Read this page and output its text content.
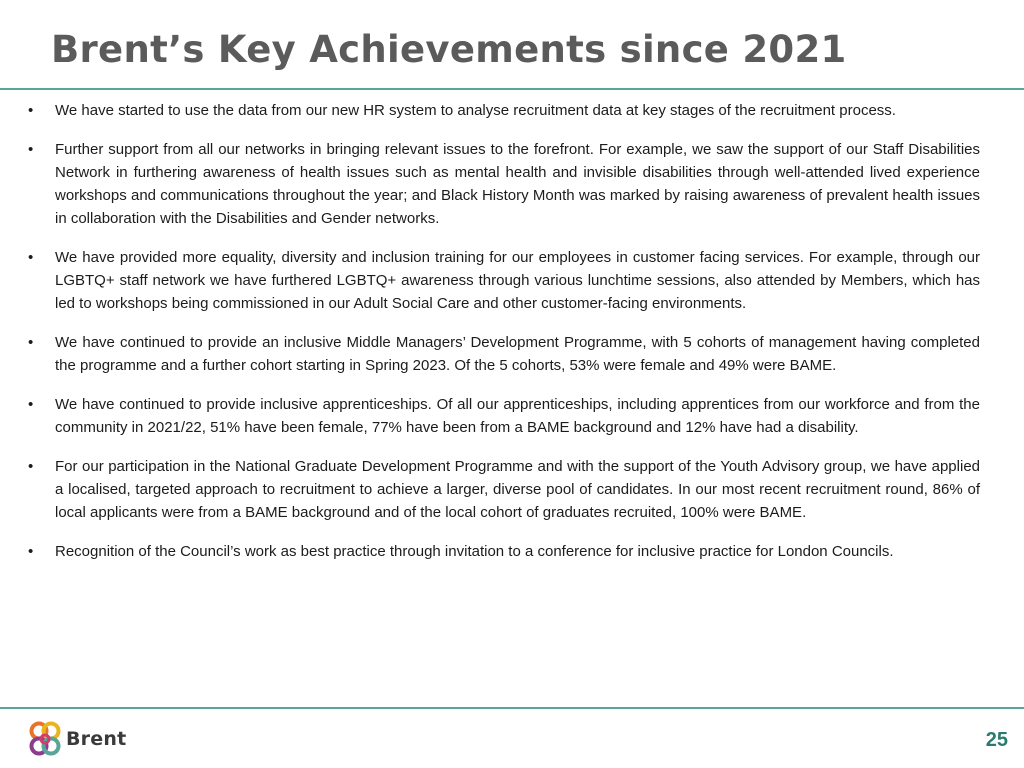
Brent’s Key Achievements since 2021
• We have started to use the data from our new HR system to analyse recruitment data at key stages of the recruitment process.
• Further support from all our networks in bringing relevant issues to the forefront. For example, we saw the support of our Staff Disabilities Network in furthering awareness of health issues such as mental health and invisible disabilities through well-attended lived experience workshops and communications throughout the year; and Black History Month was marked by raising awareness of prevalent health issues in collaboration with the Disabilities and Gender networks.
• We have provided more equality, diversity and inclusion training for our employees in customer facing services. For example, through our LGBTQ+ staff network we have furthered LGBTQ+ awareness through various lunchtime sessions, also attended by Members, which has led to workshops being commissioned in our Adult Social Care and other customer-facing environments.
• We have continued to provide an inclusive Middle Managers’ Development Programme, with 5 cohorts of management having completed the programme and a further cohort starting in Spring 2023. Of the 5 cohorts, 53% were female and 49% were BAME.
• We have continued to provide inclusive apprenticeships. Of all our apprenticeships, including apprentices from our workforce and from the community in 2021/22, 51% have been female, 77% have been from a BAME background and 12% have had a disability.
• For our participation in the National Graduate Development Programme and with the support of the Youth Advisory group, we have applied a localised, targeted approach to recruitment to achieve a larger, diverse pool of candidates. In our most recent recruitment round, 86% of local applicants were from a BAME background and of the local cohort of graduates recruited, 100% were BAME.
• Recognition of the Council’s work as best practice through invitation to a conference for inclusive practice for London Councils.
Brent	25
